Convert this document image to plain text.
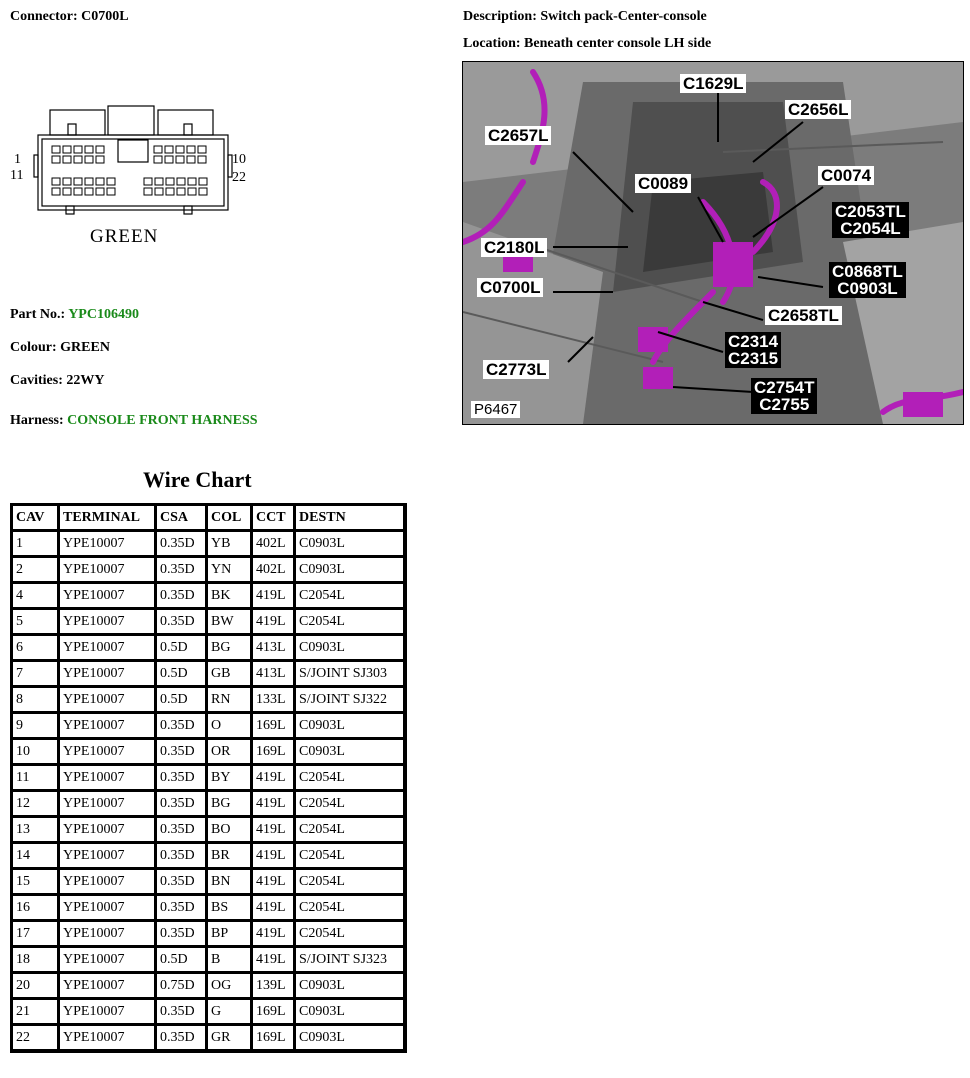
Connector: C0700L	Description: Switch pack-Center-console
Location: Beneath center console LH side
1
11
10
22
GREEN
Part No.: YPC106490
Colour: GREEN
Cavities: 22WY
Harness: CONSOLE FRONT HARNESS
C1629L
C2656L
C2657L
C0074
C0089
C2053TL
C2054L
C2180L
C0868TL
C0903L
C0700L
C2658TL
C2314
C2315
C2773L
C2754T
C2755
P6467
Wire Chart
CAV	TERMINAL	CSA	COL	CCT	DESTN
1	YPE10007	0.35D	YB	402L	C0903L
2	YPE10007	0.35D	YN	402L	C0903L
4	YPE10007	0.35D	BK	419L	C2054L
5	YPE10007	0.35D	BW	419L	C2054L
6	YPE10007	0.5D	BG	413L	C0903L
7	YPE10007	0.5D	GB	413L	S/JOINT SJ303
8	YPE10007	0.5D	RN	133L	S/JOINT SJ322
9	YPE10007	0.35D	O	169L	C0903L
10	YPE10007	0.35D	OR	169L	C0903L
11	YPE10007	0.35D	BY	419L	C2054L
12	YPE10007	0.35D	BG	419L	C2054L
13	YPE10007	0.35D	BO	419L	C2054L
14	YPE10007	0.35D	BR	419L	C2054L
15	YPE10007	0.35D	BN	419L	C2054L
16	YPE10007	0.35D	BS	419L	C2054L
17	YPE10007	0.35D	BP	419L	C2054L
18	YPE10007	0.5D	B	419L	S/JOINT SJ323
20	YPE10007	0.75D	OG	139L	C0903L
21	YPE10007	0.35D	G	169L	C0903L
22	YPE10007	0.35D	GR	169L	C0903L
